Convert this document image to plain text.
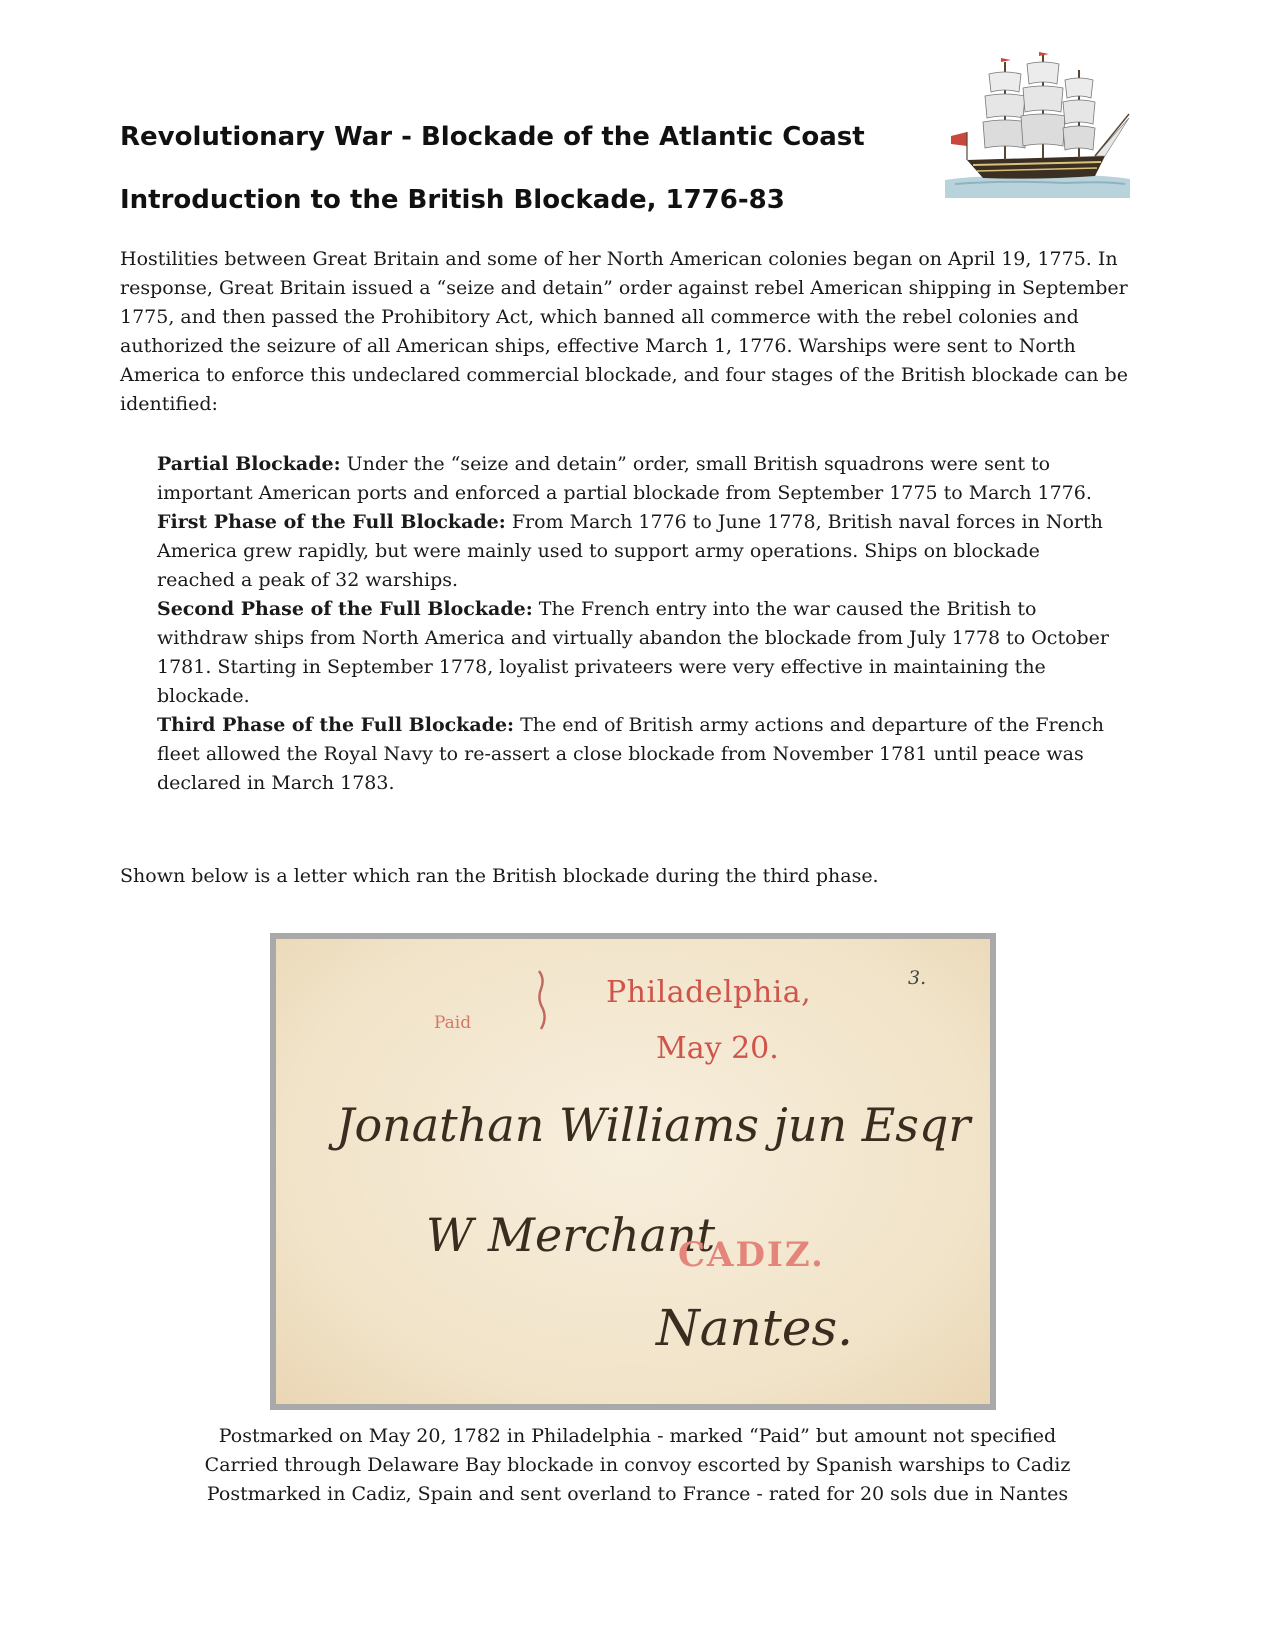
Revolutionary War - Blockade of the Atlantic Coast
Introduction to the British Blockade, 1776-83

Hostilities between Great Britain and some of her North American colonies began on April 19, 1775. In response, Great Britain issued a “seize and detain” order against rebel American shipping in September 1775, and then passed the Prohibitory Act, which banned all commerce with the rebel colonies and authorized the seizure of all American ships, effective March 1, 1776. Warships were sent to North America to enforce this undeclared commercial blockade, and four stages of the British blockade can be identified:

Partial Blockade: Under the “seize and detain” order, small British squadrons were sent to important American ports and enforced a partial blockade from September 1775 to March 1776.
First Phase of the Full Blockade: From March 1776 to June 1778, British naval forces in North America grew rapidly, but were mainly used to support army operations. Ships on blockade reached a peak of 32 warships.
Second Phase of the Full Blockade: The French entry into the war caused the British to withdraw ships from North America and virtually abandon the blockade from July 1778 to October 1781. Starting in September 1778, loyalist privateers were very effective in maintaining the blockade.
Third Phase of the Full Blockade: The end of British army actions and departure of the French fleet allowed the Royal Navy to re-assert a close blockade from November 1781 until peace was declared in March 1783.

Shown below is a letter which ran the British blockade during the third phase.

Paid
Philadelphia,
May 20.
3.
Jonathan Williams jun Esqr
W Merchant
Nantes.
CADIZ.
Postmarked on May 20, 1782 in Philadelphia - marked “Paid” but amount not specified
Carried through Delaware Bay blockade in convoy escorted by Spanish warships to Cadiz
Postmarked in Cadiz, Spain and sent overland to France - rated for 20 sols due in Nantes
